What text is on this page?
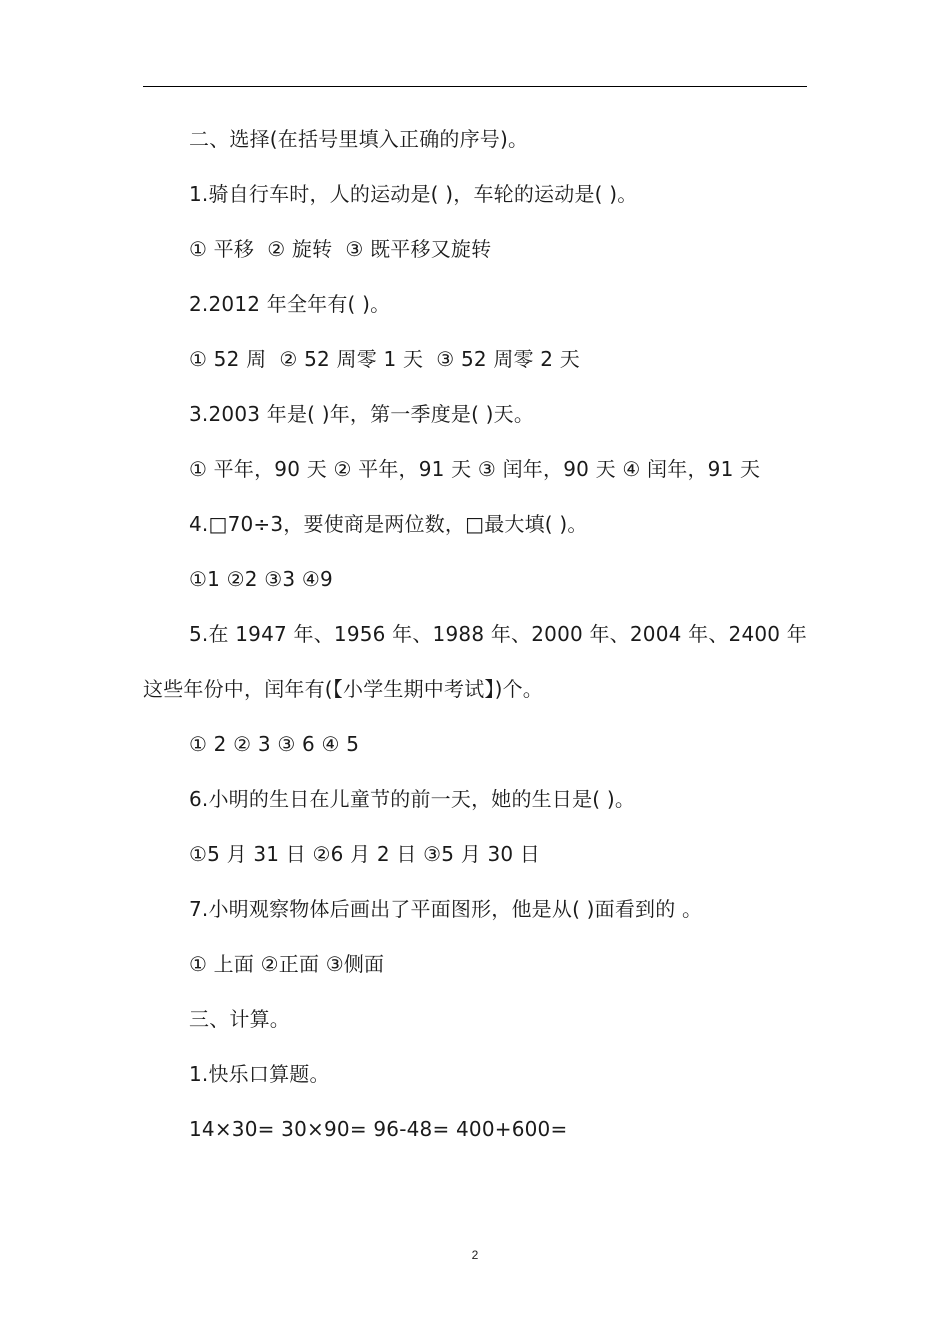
二、选择(在括号里填入正确的序号)。
1.骑自行车时，人的运动是( )，车轮的运动是( )。
① 平移  ② 旋转  ③ 既平移又旋转
2.2012 年全年有( )。
① 52 周  ② 52 周零 1 天  ③ 52 周零 2 天
3.2003 年是( )年，第一季度是( )天。
① 平年，90 天 ② 平年，91 天 ③ 闰年，90 天 ④ 闰年，91 天
4.□70÷3，要使商是两位数，□最大填( )。
①1 ②2 ③3 ④9
5.在 1947 年、1956 年、1988 年、2000 年、2004 年、2400 年这些年份中，闰年有(【小学生期中考试】)个。
① 2 ② 3 ③ 6 ④ 5
6.小明的生日在儿童节的前一天，她的生日是( )。
①5 月 31 日 ②6 月 2 日 ③5 月 30 日
7.小明观察物体后画出了平面图形，他是从( )面看到的 。
① 上面 ②正面 ③侧面
三、计算。
1.快乐口算题。
14×30= 30×90= 96-48= 400+600=
2
